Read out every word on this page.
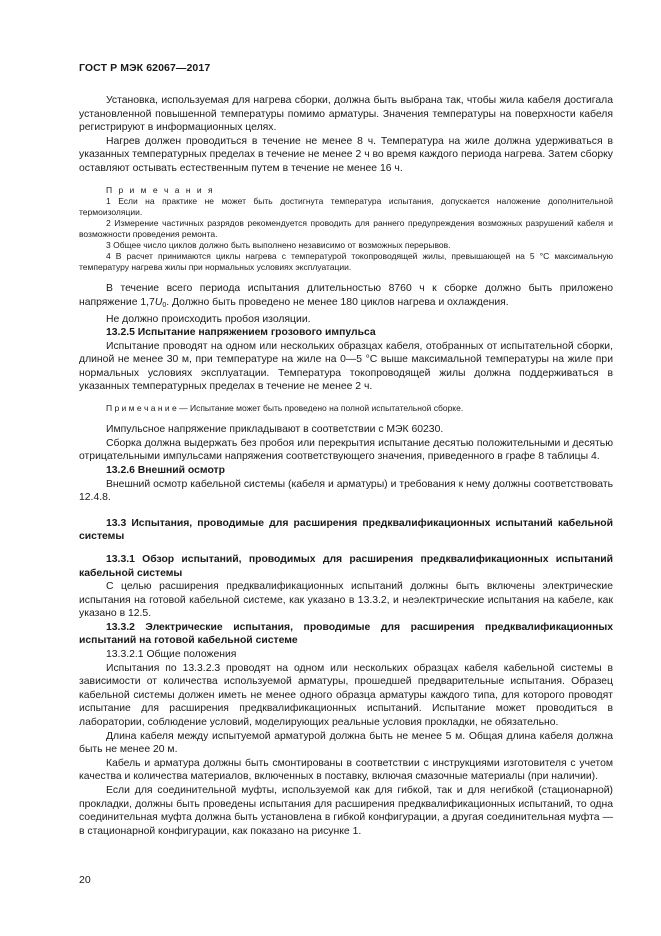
ГОСТ Р МЭК 62067—2017

Установка, используемая для нагрева сборки, должна быть выбрана так, чтобы жила кабеля достигала установленной повышенной температуры помимо арматуры. Значения температуры на поверхности кабеля регистрируют в информационных целях.

Нагрев должен проводиться в течение не менее 8 ч. Температура на жиле должна удерживаться в указанных температурных пределах в течение не менее 2 ч во время каждого периода нагрева. Затем сборку оставляют остывать естественным путем в течение не менее 16 ч.

П р и м е ч а н и я

1 Если на практике не может быть достигнута температура испытания, допускается наложение дополнительной термоизоляции.

2 Измерение частичных разрядов рекомендуется проводить для раннего предупреждения возможных разрушений кабеля и возможности проведения ремонта.

3 Общее число циклов должно быть выполнено независимо от возможных перерывов.

4 В расчет принимаются циклы нагрева с температурой токопроводящей жилы, превышающей на 5 °C максимальную температуру нагрева жилы при нормальных условиях эксплуатации.

В течение всего периода испытания длительностью 8760 ч к сборке должно быть приложено напряжение $1,7U_0$. Должно быть проведено не менее 180 циклов нагрева и охлаждения.

Не должно происходить пробоя изоляции.

13.2.5 Испытание напряжением грозового импульса

Испытание проводят на одном или нескольких образцах кабеля, отобранных от испытательной сборки, длиной не менее 30 м, при температуре на жиле на 0—5 °C выше максимальной температуры на жиле при нормальных условиях эксплуатации. Температура токопроводящей жилы должна поддерживаться в указанных температурных пределах в течение не менее 2 ч.

П р и м е ч а н и е — Испытание может быть проведено на полной испытательной сборке.

Импульсное напряжение прикладывают в соответствии с МЭК 60230.

Сборка должна выдержать без пробоя или перекрытия испытание десятью положительными и десятью отрицательными импульсами напряжения соответствующего значения, приведенного в графе 8 таблицы 4.

13.2.6 Внешний осмотр

Внешний осмотр кабельной системы (кабеля и арматуры) и требования к нему должны соответствовать 12.4.8.

13.3 Испытания, проводимые для расширения предквалификационных испытаний кабельной системы

13.3.1 Обзор испытаний, проводимых для расширения предквалификационных испытаний кабельной системы

С целью расширения предквалификационных испытаний должны быть включены электрические испытания на готовой кабельной системе, как указано в 13.3.2, и неэлектрические испытания на кабеле, как указано в 12.5.

13.3.2 Электрические испытания, проводимые для расширения предквалификационных испытаний на готовой кабельной системе

13.3.2.1 Общие положения

Испытания по 13.3.2.3 проводят на одном или нескольких образцах кабеля кабельной системы в зависимости от количества используемой арматуры, прошедшей предварительные испытания. Образец кабельной системы должен иметь не менее одного образца арматуры каждого типа, для которого проводят испытание для расширения предквалификационных испытаний. Испытание может проводиться в лаборатории, соблюдение условий, моделирующих реальные условия прокладки, не обязательно.

Длина кабеля между испытуемой арматурой должна быть не менее 5 м. Общая длина кабеля должна быть не менее 20 м.

Кабель и арматура должны быть смонтированы в соответствии с инструкциями изготовителя с учетом качества и количества материалов, включенных в поставку, включая смазочные материалы (при наличии).

Если для соединительной муфты, используемой как для гибкой, так и для негибкой (стационарной) прокладки, должны быть проведены испытания для расширения предквалификационных испытаний, то одна соединительная муфта должна быть установлена в гибкой конфигурации, а другая соединительная муфта — в стационарной конфигурации, как показано на рисунке 1.

20
